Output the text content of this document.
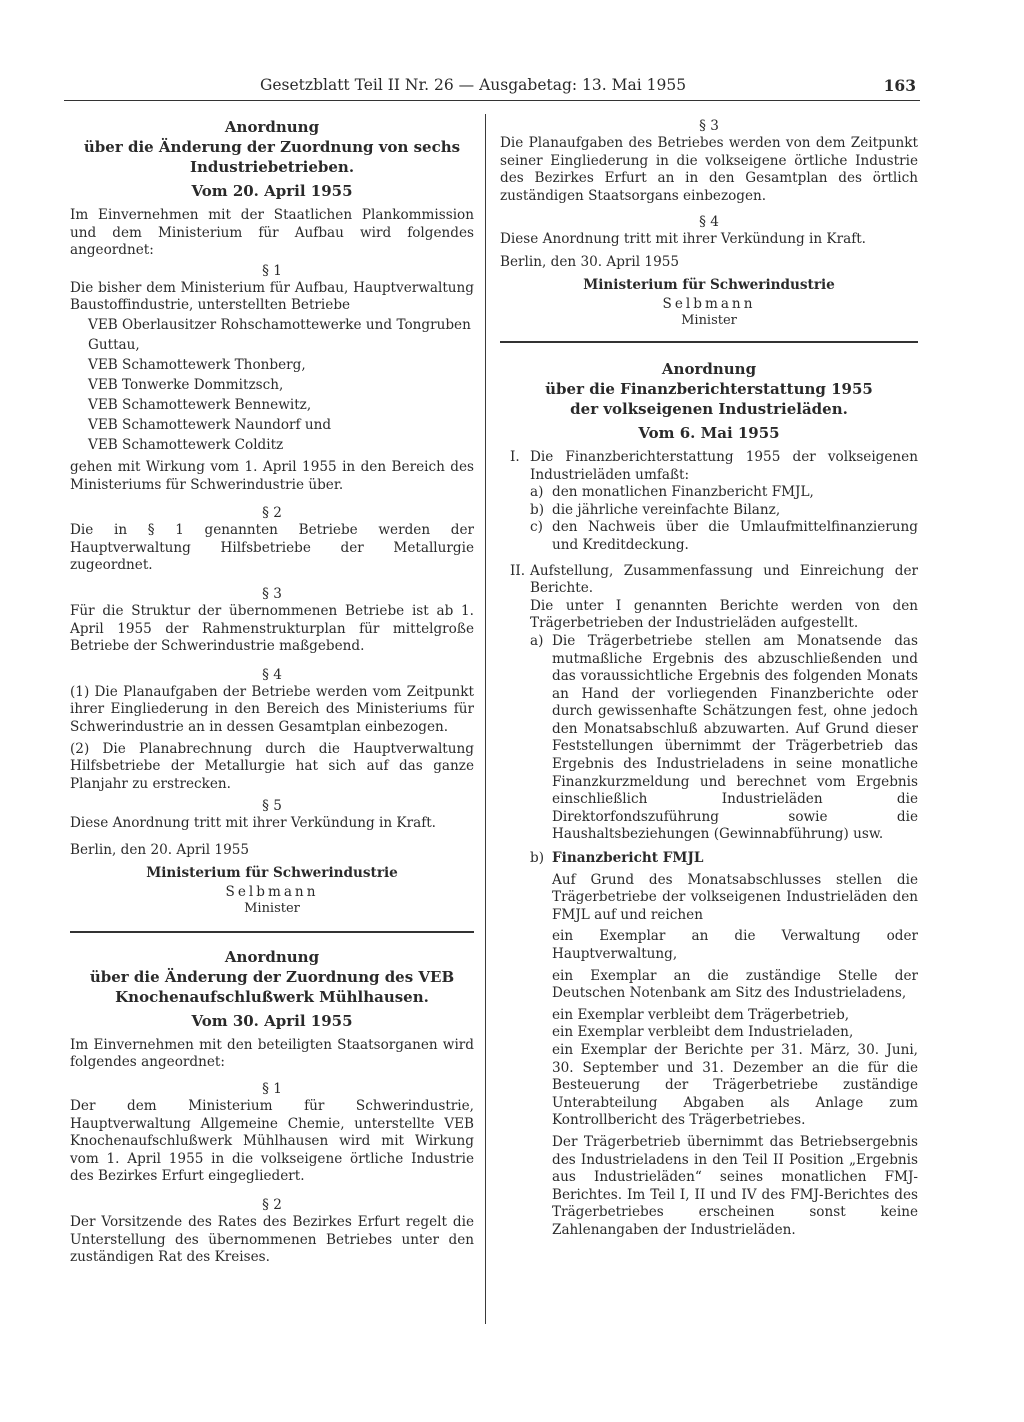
Gesetzblatt Teil II Nr. 26 — Ausgabetag: 13. Mai 1955	163

Anordnung

über die Änderung der Zuordnung von sechs

Industriebetrieben.

Vom 20. April 1955

Im Einvernehmen mit der Staatlichen Plankommission und dem Ministerium für Aufbau wird folgendes angeordnet:

§ 1

Die bisher dem Ministerium für Aufbau, Hauptverwaltung Baustoffindustrie, unterstellten Betriebe

VEB Oberlausitzer Rohschamottewerke und Tongruben Guttau,
VEB Schamottewerk Thonberg,
VEB Tonwerke Dommitzsch,
VEB Schamottewerk Bennewitz,
VEB Schamottewerk Naundorf und
VEB Schamottewerk Colditz

gehen mit Wirkung vom 1. April 1955 in den Bereich des Ministeriums für Schwerindustrie über.

§ 2

Die in § 1 genannten Betriebe werden der Hauptverwaltung Hilfsbetriebe der Metallurgie zugeordnet.

§ 3

Für die Struktur der übernommenen Betriebe ist ab 1. April 1955 der Rahmenstrukturplan für mittelgroße Betriebe der Schwerindustrie maßgebend.

§ 4

(1) Die Planaufgaben der Betriebe werden vom Zeitpunkt ihrer Eingliederung in den Bereich des Ministeriums für Schwerindustrie an in dessen Gesamtplan einbezogen.

(2) Die Planabrechnung durch die Hauptverwaltung Hilfsbetriebe der Metallurgie hat sich auf das ganze Planjahr zu erstrecken.

§ 5

Diese Anordnung tritt mit ihrer Verkündung in Kraft.

Berlin, den 20. April 1955

Ministerium für Schwerindustrie

Selbmann

Minister

Anordnung

über die Änderung der Zuordnung des VEB

Knochenaufschlußwerk Mühlhausen.

Vom 30. April 1955

Im Einvernehmen mit den beteiligten Staatsorganen wird folgendes angeordnet:

§ 1

Der dem Ministerium für Schwerindustrie, Hauptverwaltung Allgemeine Chemie, unterstellte VEB Knochenaufschlußwerk Mühlhausen wird mit Wirkung vom 1. April 1955 in die volkseigene örtliche Industrie des Bezirkes Erfurt eingegliedert.

§ 2

Der Vorsitzende des Rates des Bezirkes Erfurt regelt die Unterstellung des übernommenen Betriebes unter den zuständigen Rat des Kreises.

§ 3

Die Planaufgaben des Betriebes werden von dem Zeitpunkt seiner Eingliederung in die volkseigene örtliche Industrie des Bezirkes Erfurt an in den Gesamtplan des örtlich zuständigen Staatsorgans einbezogen.

§ 4

Diese Anordnung tritt mit ihrer Verkündung in Kraft.

Berlin, den 30. April 1955

Ministerium für Schwerindustrie

Selbmann

Minister

Anordnung

über die Finanzberichterstattung 1955

der volkseigenen Industrieläden.

Vom 6. Mai 1955

I. Die Finanzberichterstattung 1955 der volkseigenen Industrieläden umfaßt:

a) den monatlichen Finanzbericht FMJL,

b) die jährliche vereinfachte Bilanz,

c) den Nachweis über die Umlaufmittelfinanzierung und Kreditdeckung.

II. Aufstellung, Zusammenfassung und Einreichung der Berichte.

Die unter I genannten Berichte werden von den Trägerbetrieben der Industrieläden aufgestellt.

a) Die Trägerbetriebe stellen am Monatsende das mutmaßliche Ergebnis des abzuschließenden und das voraussichtliche Ergebnis des folgenden Monats an Hand der vorliegenden Finanzberichte oder durch gewissenhafte Schätzungen fest, ohne jedoch den Monatsabschluß abzuwarten. Auf Grund dieser Feststellungen übernimmt der Trägerbetrieb das Ergebnis des Industrieladens in seine monatliche Finanzkurzmeldung und berechnet vom Ergebnis einschließlich Industrieläden die Direktorfondszuführung sowie die Haushaltsbeziehungen (Gewinnabführung) usw.

b) Finanzbericht FMJL

Auf Grund des Monatsabschlusses stellen die Trägerbetriebe der volkseigenen Industrieläden den FMJL auf und reichen

ein Exemplar an die Verwaltung oder Hauptverwaltung,

ein Exemplar an die zuständige Stelle der Deutschen Notenbank am Sitz des Industrieladens,

ein Exemplar verbleibt dem Trägerbetrieb,

ein Exemplar verbleibt dem Industrieladen,

ein Exemplar der Berichte per 31. März, 30. Juni, 30. September und 31. Dezember an die für die Besteuerung der Trägerbetriebe zuständige Unterabteilung Abgaben als Anlage zum Kontrollbericht des Trägerbetriebes.

Der Trägerbetrieb übernimmt das Betriebsergebnis des Industrieladens in den Teil II Position „Ergebnis aus Industrieläden“ seines monatlichen FMJ-Berichtes. Im Teil I, II und IV des FMJ-Berichtes des Trägerbetriebes erscheinen sonst keine Zahlenangaben der Industrieläden.
